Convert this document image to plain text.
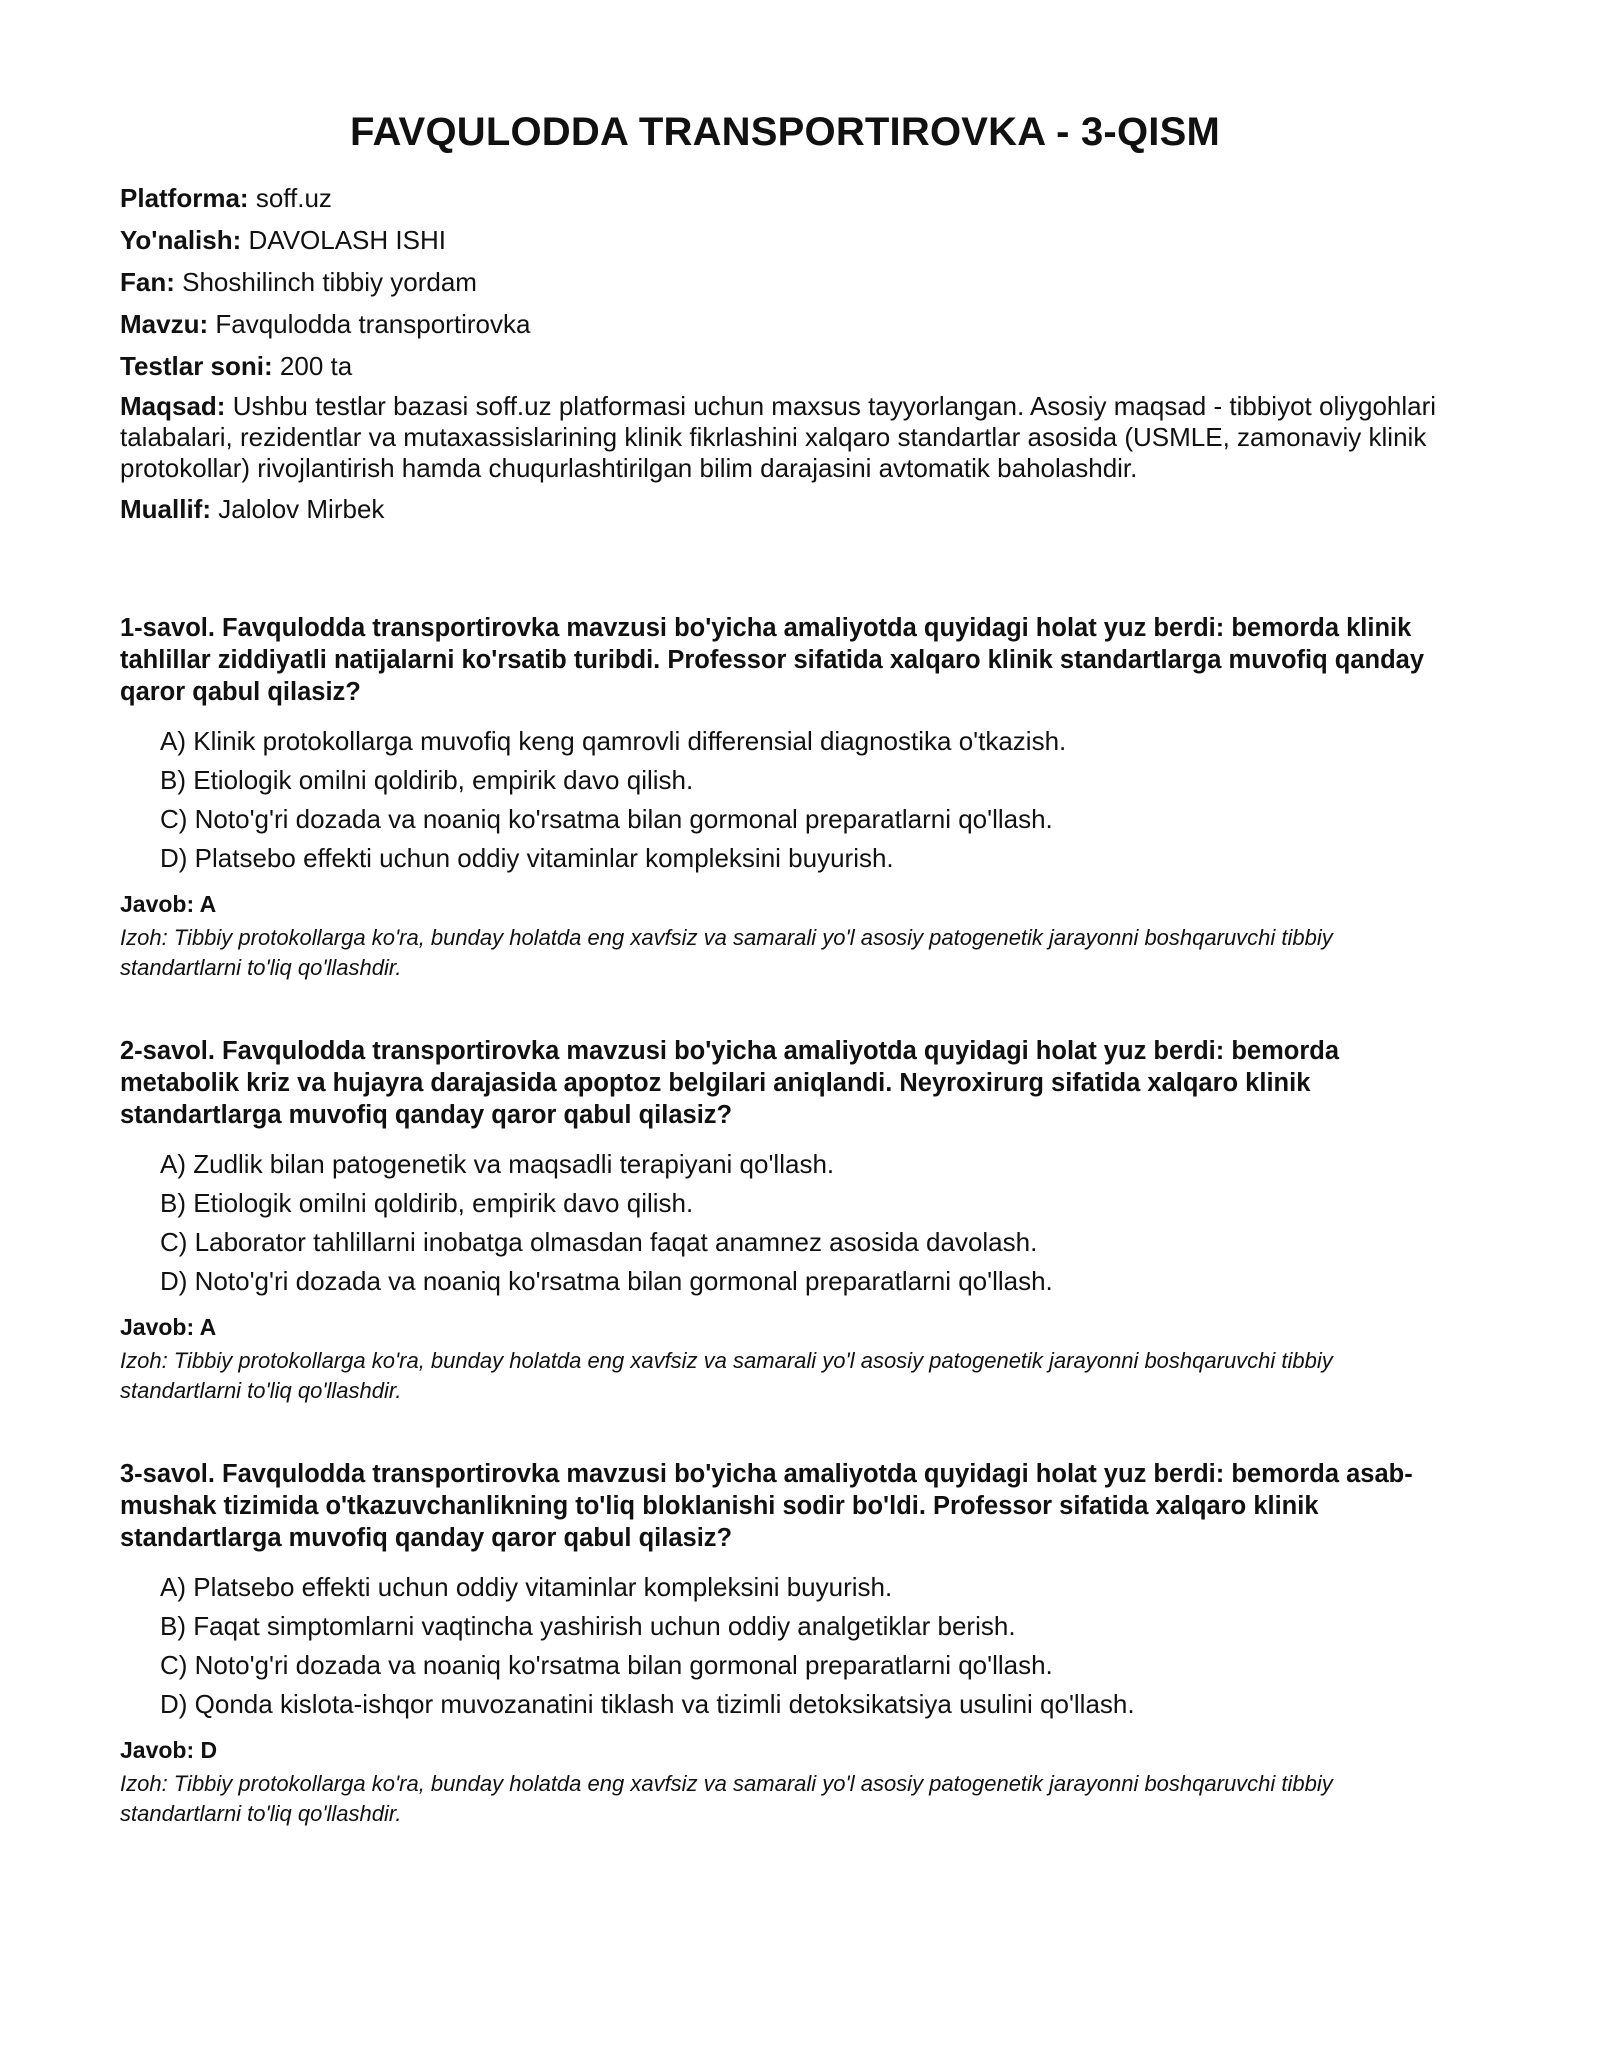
FAVQULODDA TRANSPORTIROVKA - 3-QISM

Platforma: soff.uz

Yo'nalish: DAVOLASH ISHI

Fan: Shoshilinch tibbiy yordam

Mavzu: Favqulodda transportirovka

Testlar soni: 200 ta

Maqsad: Ushbu testlar bazasi soff.uz platformasi uchun maxsus tayyorlangan. Asosiy maqsad - tibbiyot oliygohlari talabalari, rezidentlar va mutaxassislarining klinik fikrlashini xalqaro standartlar asosida (USMLE, zamonaviy klinik protokollar) rivojlantirish hamda chuqurlashtirilgan bilim darajasini avtomatik baholashdir.

Muallif: Jalolov Mirbek

1-savol. Favqulodda transportirovka mavzusi bo'yicha amaliyotda quyidagi holat yuz berdi: bemorda klinik tahlillar ziddiyatli natijalarni ko'rsatib turibdi. Professor sifatida xalqaro klinik standartlarga muvofiq qanday qaror qabul qilasiz?

A) Klinik protokollarga muvofiq keng qamrovli differensial diagnostika o'tkazish.
B) Etiologik omilni qoldirib, empirik davo qilish.
C) Noto'g'ri dozada va noaniq ko'rsatma bilan gormonal preparatlarni qo'llash.
D) Platsebo effekti uchun oddiy vitaminlar kompleksini buyurish.
Javob: A
Izoh: Tibbiy protokollarga ko'ra, bunday holatda eng xavfsiz va samarali yo'l asosiy patogenetik jarayonni boshqaruvchi tibbiy standartlarni to'liq qo'llashdir.

2-savol. Favqulodda transportirovka mavzusi bo'yicha amaliyotda quyidagi holat yuz berdi: bemorda metabolik kriz va hujayra darajasida apoptoz belgilari aniqlandi. Neyroxirurg sifatida xalqaro klinik standartlarga muvofiq qanday qaror qabul qilasiz?

A) Zudlik bilan patogenetik va maqsadli terapiyani qo'llash.
B) Etiologik omilni qoldirib, empirik davo qilish.
C) Laborator tahlillarni inobatga olmasdan faqat anamnez asosida davolash.
D) Noto'g'ri dozada va noaniq ko'rsatma bilan gormonal preparatlarni qo'llash.
Javob: A
Izoh: Tibbiy protokollarga ko'ra, bunday holatda eng xavfsiz va samarali yo'l asosiy patogenetik jarayonni boshqaruvchi tibbiy standartlarni to'liq qo'llashdir.

3-savol. Favqulodda transportirovka mavzusi bo'yicha amaliyotda quyidagi holat yuz berdi: bemorda asab-mushak tizimida o'tkazuvchanlikning to'liq bloklanishi sodir bo'ldi. Professor sifatida xalqaro klinik standartlarga muvofiq qanday qaror qabul qilasiz?

A) Platsebo effekti uchun oddiy vitaminlar kompleksini buyurish.
B) Faqat simptomlarni vaqtincha yashirish uchun oddiy analgetiklar berish.
C) Noto'g'ri dozada va noaniq ko'rsatma bilan gormonal preparatlarni qo'llash.
D) Qonda kislota-ishqor muvozanatini tiklash va tizimli detoksikatsiya usulini qo'llash.
Javob: D
Izoh: Tibbiy protokollarga ko'ra, bunday holatda eng xavfsiz va samarali yo'l asosiy patogenetik jarayonni boshqaruvchi tibbiy standartlarni to'liq qo'llashdir.
